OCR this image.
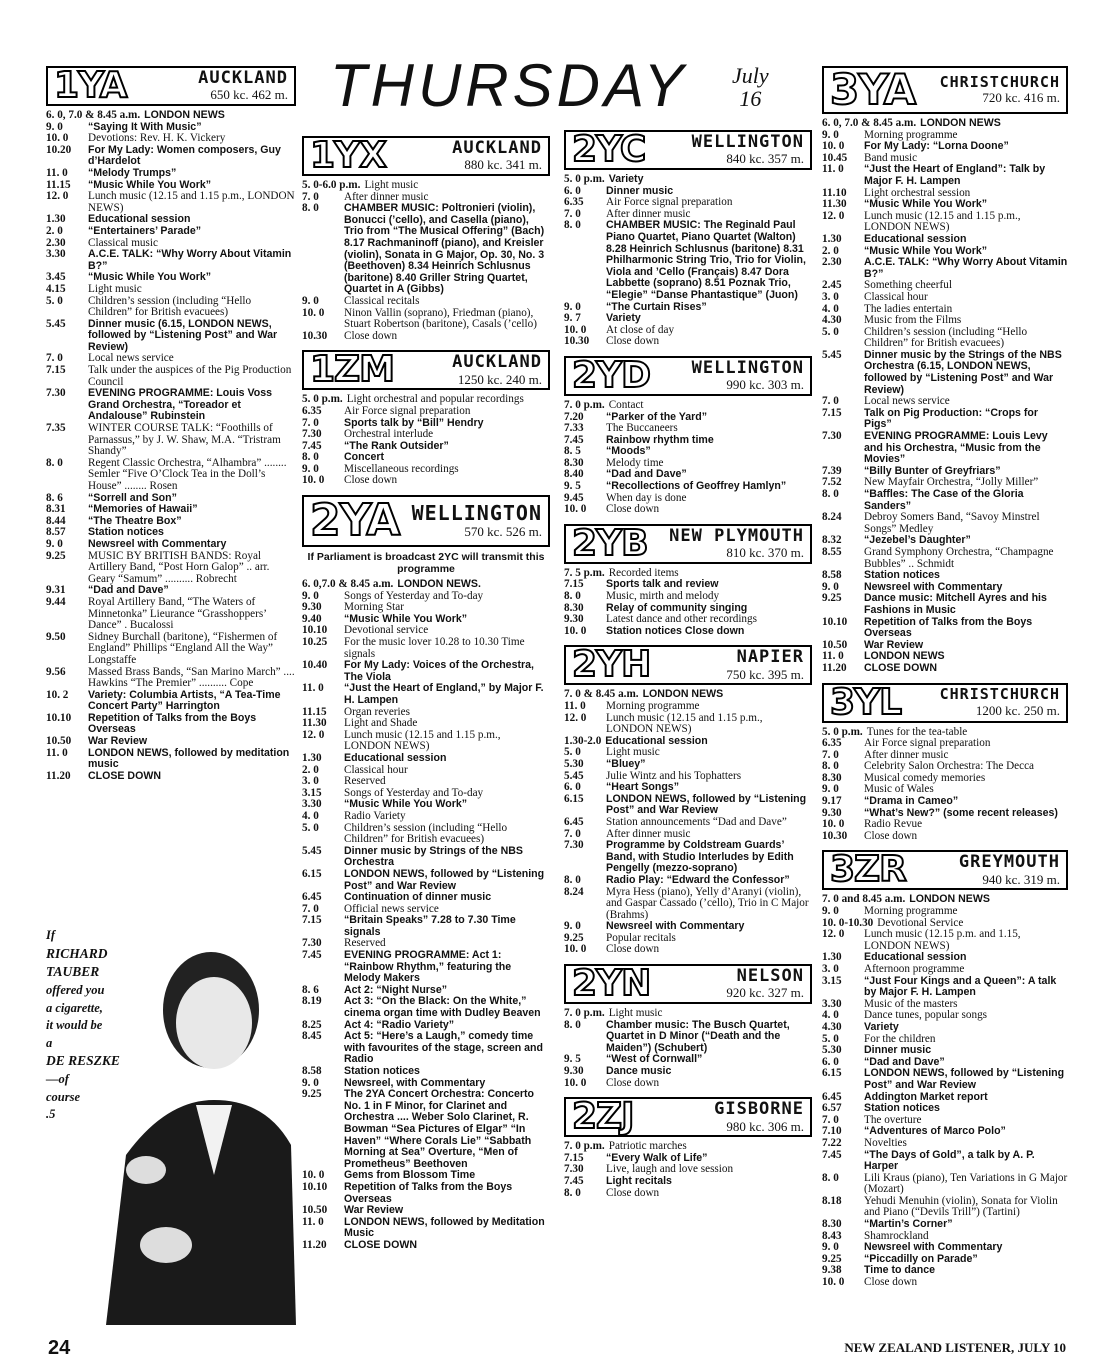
THURSDAY July
16
1YA	AUCKLAND
650 kc. 462 m.
6. 0, 7.0 & 8.45 a.m. LONDON NEWS
9. 0	“Saying It With Music”
10. 0	Devotions: Rev. H. K. Vickery
10.20	For My Lady: Women composers, Guy d’Hardelot
11. 0	“Melody Trumps”
11.15	“Music While You Work”
12. 0	Lunch music (12.15 and 1.15 p.m., LONDON NEWS)
1.30	Educational session
2. 0	“Entertainers’ Parade”
2.30	Classical music
3.30	A.C.E. TALK: “Why Worry About Vitamin B?”
3.45	“Music While You Work”
4.15	Light music
5. 0	Children’s session (including “Hello Children” for British evacuees)
5.45	Dinner music (6.15, LONDON NEWS, followed by “Listening Post” and War Review)
7. 0	Local news service
7.15	Talk under the auspices of the Pig Production Council
7.30	EVENING PROGRAMME: Louis Voss Grand Orchestra, “Toreador et Andalouse” Rubinstein
7.35	WINTER COURSE TALK: “Foothills of Parnassus,” by J. W. Shaw, M.A. “Tristram Shandy”
8. 0	Regent Classic Orchestra, “Alhambra” ........ Semler “Five O’Clock Tea in the Doll’s House” ........ Rosen
8. 6	“Sorrell and Son”
8.31	“Memories of Hawaii”
8.44	“The Theatre Box”
8.57	Station notices
9. 0	Newsreel with Commentary
9.25	MUSIC BY BRITISH BANDS: Royal Artillery Band, “Post Horn Galop” .. arr. Geary “Samum” .......... Robrecht
9.31	“Dad and Dave”
9.44	Royal Artillery Band, “The Waters of Minnetonka” Lieurance “Grasshoppers’ Dance” . Bucalossi
9.50	Sidney Burchall (baritone), “Fishermen of England” Phillips “England All the Way” Longstaffe
9.56	Massed Brass Bands, “San Marino March” .... Hawkins “The Premier” .......... Cope
10. 2	Variety: Columbia Artists, “A Tea-Time Concert Party” Harrington
10.10	Repetition of Talks from the Boys Overseas
10.50	War Review
11. 0	LONDON NEWS, followed by meditation music
11.20	CLOSE DOWN
If
RICHARD
TAUBER
offered you
a cigarette,
it would be
a
DE RESZKE
—of
course
.5
1YX	AUCKLAND
880 kc. 341 m.
5. 0-6.0 p.m. Light music
7. 0	After dinner music
8. 0	CHAMBER MUSIC: Poltronieri (violin), Bonucci (’cello), and Casella (piano), Trio from “The Musical Offering” (Bach) 8.17 Rachmaninoff (piano), and Kreisler (violin), Sonata in G Major, Op. 30, No. 3 (Beethoven) 8.34 Heinrich Schlusnus (baritone) 8.40 Griller String Quartet, Quartet in A (Gibbs)
9. 0	Classical recitals
10. 0	Ninon Vallin (soprano), Friedman (piano), Stuart Robertson (baritone), Casals (’cello)
10.30	Close down
1ZM	AUCKLAND
1250 kc. 240 m.
5. 0 p.m. Light orchestral and popular recordings
6.35	Air Force signal preparation
7. 0	Sports talk by “Bill” Hendry
7.30	Orchestral interlude
7.45	“The Rank Outsider”
8. 0	Concert
9. 0	Miscellaneous recordings
10. 0	Close down
2YA WELLINGTON
570 kc. 526 m.
If Parliament is broadcast 2YC will transmit this programme
6. 0,7.0 & 8.45 a.m. LONDON NEWS.
9. 0	Songs of Yesterday and To-day
9.30	Morning Star
9.40	“Music While You Work”
10.10	Devotional service
10.25	For the music lover 10.28 to 10.30 Time signals
10.40	For My Lady: Voices of the Orchestra, The Viola
11. 0	“Just the Heart of England,” by Major F. H. Lampen
11.15	Organ reveries
11.30	Light and Shade
12. 0	Lunch music (12.15 and 1.15 p.m., LONDON NEWS)
1.30	Educational session
2. 0	Classical hour
3. 0	Reserved
3.15	Songs of Yesterday and To-day
3.30	“Music While You Work”
4. 0	Radio Variety
5. 0	Children’s session (including “Hello Children” for British evacuees)
5.45	Dinner music by Strings of the NBS Orchestra
6.15	LONDON NEWS, followed by “Listening Post” and War Review
6.45	Continuation of dinner music
7. 0	Official news service
7.15	“Britain Speaks” 7.28 to 7.30 Time signals
7.30	Reserved
7.45	EVENING PROGRAMME: Act 1: “Rainbow Rhythm,” featuring the Melody Makers
8. 6	Act 2: “Night Nurse”
8.19	Act 3: “On the Black: On the White,” cinema organ time with Dudley Beaven
8.25	Act 4: “Radio Variety”
8.45	Act 5: “Here’s a Laugh,” comedy time with favourites of the stage, screen and Radio
8.58	Station notices
9. 0	Newsreel, with Commentary
9.25	The 2YA Concert Orchestra: Concerto No. 1 in F Minor, for Clarinet and Orchestra .... Weber Solo Clarinet, R. Bowman “Sea Pictures of Elgar” “In Haven” “Where Corals Lie” “Sabbath Morning at Sea” Overture, “Men of Prometheus” Beethoven
10. 0	Gems from Blossom Time
10.10	Repetition of Talks from the Boys Overseas
10.50	War Review
11. 0	LONDON NEWS, followed by Meditation Music
11.20	CLOSE DOWN
2YC	WELLINGTON
840 kc. 357 m.
5. 0 p.m. Variety
6. 0	Dinner music
6.35	Air Force signal preparation
7. 0	After dinner music
8. 0	CHAMBER MUSIC: The Reginald Paul Piano Quartet, Piano Quartet (Walton) 8.28 Heinrich Schlusnus (baritone) 8.31 Philharmonic String Trio, Trio for Violin, Viola and ’Cello (Français) 8.47 Dora Labbette (soprano) 8.51 Poznak Trio, “Elegie” “Danse Phantastique” (Juon)
9. 0	“The Curtain Rises”
9. 7	Variety
10. 0	At close of day
10.30	Close down
2YD	WELLINGTON
990 kc. 303 m.
7. 0 p.m. Contact
7.20	“Parker of the Yard”
7.33	The Buccaneers
7.45	Rainbow rhythm time
8. 5	“Moods”
8.30	Melody time
8.40	“Dad and Dave”
9. 5	“Recollections of Geoffrey Hamlyn”
9.45	When day is done
10. 0	Close down
2YB	NEW PLYMOUTH
810 kc. 370 m.
7. 5 p.m. Recorded items
7.15	Sports talk and review
8. 0	Music, mirth and melody
8.30	Relay of community singing
9.30	Latest dance and other recordings
10. 0	Station notices Close down
2YH	NAPIER
750 kc. 395 m.
7. 0 & 8.45 a.m. LONDON NEWS
11. 0	Morning programme
12. 0	Lunch music (12.15 and 1.15 p.m., LONDON NEWS)
1.30-2.0 Educational session
5. 0	Light music
5.30	“Bluey”
5.45	Julie Wintz and his Tophatters
6. 0	“Heart Songs”
6.15	LONDON NEWS, followed by “Listening Post” and War Review
6.45	Station announcements “Dad and Dave”
7. 0	After dinner music
7.30	Programme by Coldstream Guards’ Band, with Studio Interludes by Edith Pengelly (mezzo-soprano)
8. 0	Radio Play: “Edward the Confessor”
8.24	Myra Hess (piano), Yelly d’Aranyi (violin), and Gaspar Cassado (’cello), Trio in C Major (Brahms)
9. 0	Newsreel with Commentary
9.25	Popular recitals
10. 0	Close down
2YN	NELSON
920 kc. 327 m.
7. 0 p.m. Light music
8. 0	Chamber music: The Busch Quartet, Quartet in D Minor (“Death and the Maiden”) (Schubert)
9. 5	“West of Cornwall”
9.30	Dance music
10. 0	Close down
2ZJ	GISBORNE
980 kc. 306 m.
7. 0 p.m. Patriotic marches
7.15	“Every Walk of Life”
7.30	Live, laugh and love session
7.45	Light recitals
8. 0	Close down
3YA	CHRISTCHURCH
720 kc. 416 m.
6. 0, 7.0 & 8.45 a.m. LONDON NEWS
9. 0	Morning programme
10. 0	For My Lady: “Lorna Doone”
10.45	Band music
11. 0	“Just the Heart of England”: Talk by Major F. H. Lampen
11.10	Light orchestral session
11.30	“Music While You Work”
12. 0	Lunch music (12.15 and 1.15 p.m., LONDON NEWS)
1.30	Educational session
2. 0	“Music While You Work”
2.30	A.C.E. TALK: “Why Worry About Vitamin B?”
2.45	Something cheerful
3. 0	Classical hour
4. 0	The ladies entertain
4.30	Music from the Films
5. 0	Children’s session (including “Hello Children” for British evacuees)
5.45	Dinner music by the Strings of the NBS Orchestra (6.15, LONDON NEWS, followed by “Listening Post” and War Review)
7. 0	Local news service
7.15	Talk on Pig Production: “Crops for Pigs”
7.30	EVENING PROGRAMME: Louis Levy and his Orchestra, “Music from the Movies”
7.39	“Billy Bunter of Greyfriars”
7.52	New Mayfair Orchestra, “Jolly Miller”
8. 0	“Baffles: The Case of the Gloria Sanders”
8.24	Debroy Somers Band, “Savoy Minstrel Songs” Medley
8.32	“Jezebel’s Daughter”
8.55	Grand Symphony Orchestra, “Champagne Bubbles” .. Schmidt
8.58	Station notices
9. 0	Newsreel with Commentary
9.25	Dance music: Mitchell Ayres and his Fashions in Music
10.10	Repetition of Talks from the Boys Overseas
10.50	War Review
11. 0	LONDON NEWS
11.20	CLOSE DOWN
3YL	CHRISTCHURCH
1200 kc. 250 m.
5. 0 p.m. Tunes for the tea-table
6.35	Air Force signal preparation
7. 0	After dinner music
8. 0	Celebrity Salon Orchestra: The Decca
8.30	Musical comedy memories
9. 0	Music of Wales
9.17	“Drama in Cameo”
9.30	“What’s New?” (some recent releases)
10. 0	Radio Revue
10.30	Close down
3ZR	GREYMOUTH
940 kc. 319 m.
7. 0 and 8.45 a.m. LONDON NEWS
9. 0	Morning programme
10. 0-10.30 Devotional Service
12. 0	Lunch music (12.15 p.m. and 1.15, LONDON NEWS)
1.30	Educational session
3. 0	Afternoon programme
3.15	“Just Four Kings and a Queen”: A talk by Major F. H. Lampen
3.30	Music of the masters
4. 0	Dance tunes, popular songs
4.30	Variety
5. 0	For the children
5.30	Dinner music
6. 0	“Dad and Dave”
6.15	LONDON NEWS, followed by “Listening Post” and War Review
6.45	Addington Market report
6.57	Station notices
7. 0	The overture
7.10	“Adventures of Marco Polo”
7.22	Novelties
7.45	“The Days of Gold”, a talk by A. P. Harper
8. 0	Lili Kraus (piano), Ten Variations in G Major (Mozart)
8.18	Yehudi Menuhin (violin), Sonata for Violin and Piano (“Devils Trill”) (Tartini)
8.30	“Martin’s Corner”
8.43	Shamrockland
9. 0	Newsreel with Commentary
9.25	“Piccadilly on Parade”
9.38	Time to dance
10. 0	Close down
24	NEW ZEALAND LISTENER, JULY 10
